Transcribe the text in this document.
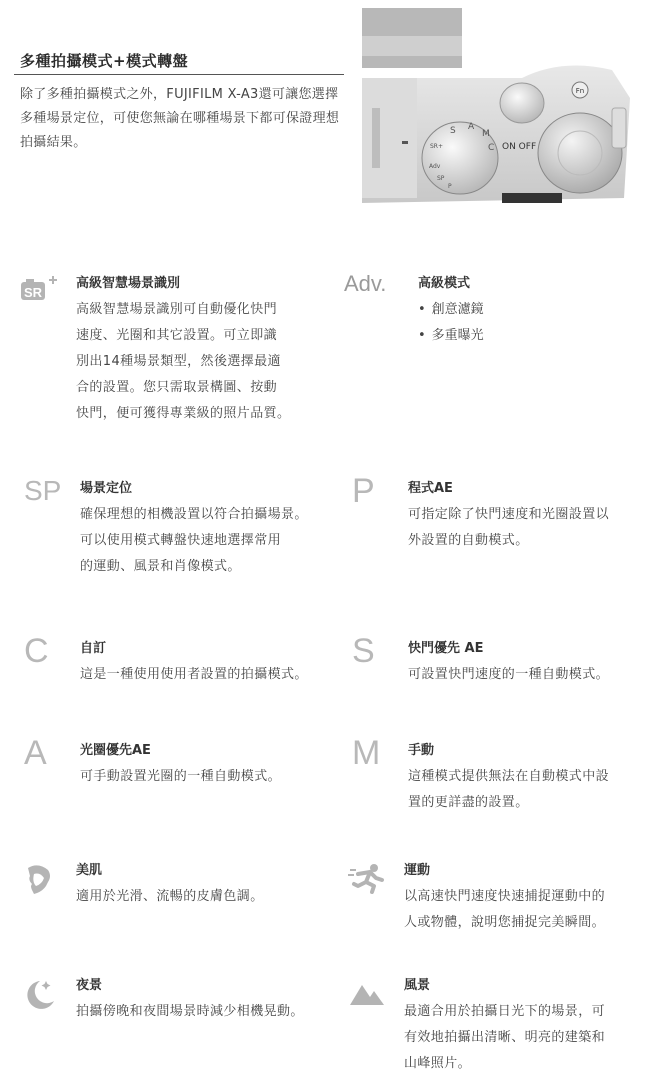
多種拍攝模式+模式轉盤
除了多種拍攝模式之外，FUJIFILM X-A3還可讓您選擇多種場景定位，可使您無論在哪種場景下都可保證理想拍攝結果。
Fn
S A
M
C
SR+
Adv
SP
P
ON OFF
SR
高級智慧場景識別
高級智慧場景識別可自動優化快門
速度、光圈和其它設置。可立即識
別出14種場景類型，然後選擇最適
合的設置。您只需取景構圖、按動
快門，便可獲得專業級的照片品質。
Adv.	高級模式
• 創意濾鏡
• 多重曝光
SP	場景定位
確保理想的相機設置以符合拍攝場景。
可以使用模式轉盤快速地選擇常用
的運動、風景和肖像模式。
P	程式AE
可指定除了快門速度和光圈設置以
外設置的自動模式。
C	自訂
這是一種使用使用者設置的拍攝模式。
S	快門優先 AE
可設置快門速度的一種自動模式。
A	光圈優先AE
可手動設置光圈的一種自動模式。
M	手動
這種模式提供無法在自動模式中設
置的更詳盡的設置。
美肌
適用於光滑、流暢的皮膚色調。
運動
以高速快門速度快速捕捉運動中的
人或物體，說明您捕捉完美瞬間。
夜景
拍攝傍晚和夜間場景時減少相機晃動。
風景
最適合用於拍攝日光下的場景，可
有效地拍攝出清晰、明亮的建築和
山峰照片。
